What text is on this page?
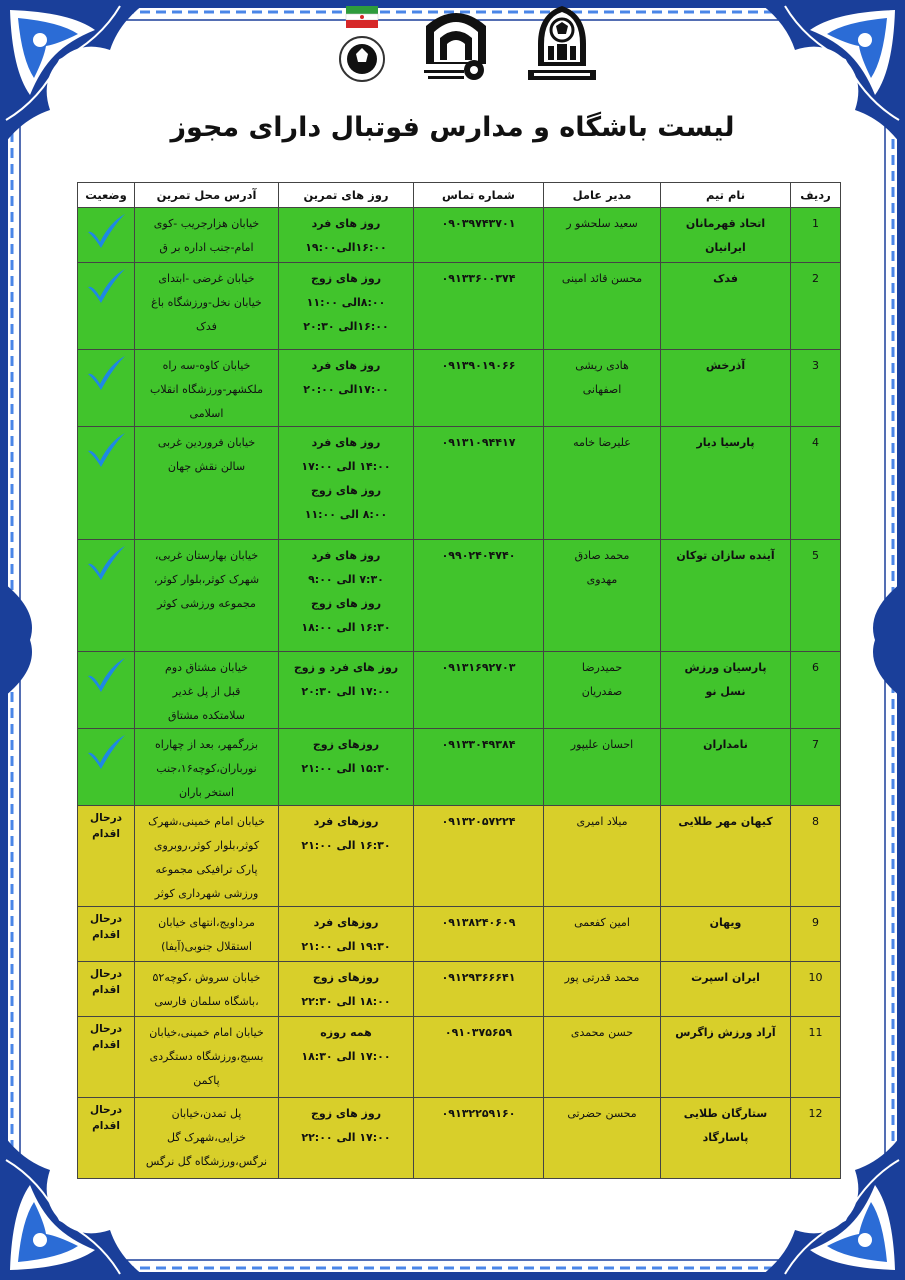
لیست باشگاه و مدارس فوتبال دارای مجوز
ردیف	نام تیم	مدیر عامل	شماره تماس	روز های تمرین	آدرس محل تمرین	وضعیت
1	اتحاد قهرمانان ایرانیان	سعید سلحشو ر	۰۹۰۳۹۷۴۳۷۰۱	روز های فرد
۱۶:۰۰الی۱۹:۰۰	خیابان هزارجریب -کوی
امام-جنب اداره بر ق

2	فدک	محسن قائد امینی	۰۹۱۳۳۶۰۰۳۷۴	روز های زوج
۸:۰۰الی ۱۱:۰۰
۱۶:۰۰الی ۲۰:۳۰	خیابان غرضی -ابتدای
خیابان نخل-ورزشگاه باغ
فدک

3	آذرخش	هادی ریشی
اصفهانی	۰۹۱۳۹۰۱۹۰۶۶	روز های فرد
۱۷:۰۰الی ۲۰:۰۰	خیابان کاوه-سه راه
ملکشهر-ورزشگاه انقلاب
اسلامی

4	پارسیا دیار	علیرضا خامه	۰۹۱۳۱۰۹۴۴۱۷	روز های فرد
۱۴:۰۰ الی ۱۷:۰۰
روز های زوج
۸:۰۰ الی ۱۱:۰۰	خیابان فروردین غربی
سالن نقش جهان

5	آینده سازان توکان	محمد صادق
مهدوی	۰۹۹۰۲۴۰۴۷۴۰	روز های فرد
۷:۳۰ الی ۹:۰۰
روز های زوج
۱۶:۳۰ الی ۱۸:۰۰	خیابان بهارستان غربی،
شهرک کوثر،بلوار کوثر،
مجموعه ورزشی کوثر

6	پارسیان ورزش
نسل نو	حمیدرضا
صفدریان	۰۹۱۳۱۶۹۲۷۰۳	روز های فرد و زوج
۱۷:۰۰ الی ۲۰:۳۰	خیابان مشتاق دوم
قبل از پل غدیر
سلامتکده مشتاق

7	نامداران	احسان علیپور	۰۹۱۳۳۰۴۹۳۸۴	روزهای زوج
۱۵:۳۰ الی ۲۱:۰۰	بزرگمهر، بعد از چهاراه
نورباران،کوچه۱۶،جنب
استخر باران

8	کیهان مهر طلایی	میلاد امیری	۰۹۱۳۲۰۵۷۲۲۴	روزهای فرد
۱۶:۳۰ الی ۲۱:۰۰	خیابان امام خمینی،شهرک
کوثر،بلوار کوثر،روبروی
پارک ترافیکی مجموعه
ورزشی شهرداری کوثر	درحال
اقدام

9	ویهان	امین کفعمی	۰۹۱۳۸۲۴۰۶۰۹	روزهای فرد
۱۹:۳۰ الی ۲۱:۰۰	مرداویج،انتهای خیابان
استقلال جنوبی(آیفا)	درحال
اقدام

10	ایران اسپرت	محمد قدرتی پور	۰۹۱۲۹۳۶۶۶۴۱	روزهای زوج
۱۸:۰۰ الی ۲۲:۳۰	خیابان سروش ،کوچه۵۲
،باشگاه سلمان فارسی	درحال
اقدام

11	آراد ورزش زاگرس	حسن محمدی	۰۹۱۰۳۷۵۶۵۹	همه روزه
۱۷:۰۰ الی ۱۸:۳۰	خیابان امام خمینی،خیابان
بسیج،ورزشگاه دستگردی
پاکمن	درحال
اقدام

12	ستارگان طلایی
پاسارگاد	محسن حضرتی	۰۹۱۳۲۲۵۹۱۶۰	روز های زوج
۱۷:۰۰ الی ۲۲:۰۰	پل تمدن،خیابان
خزایی،شهرک گل
نرگس،ورزشگاه گل نرگس	درحال
اقدام
